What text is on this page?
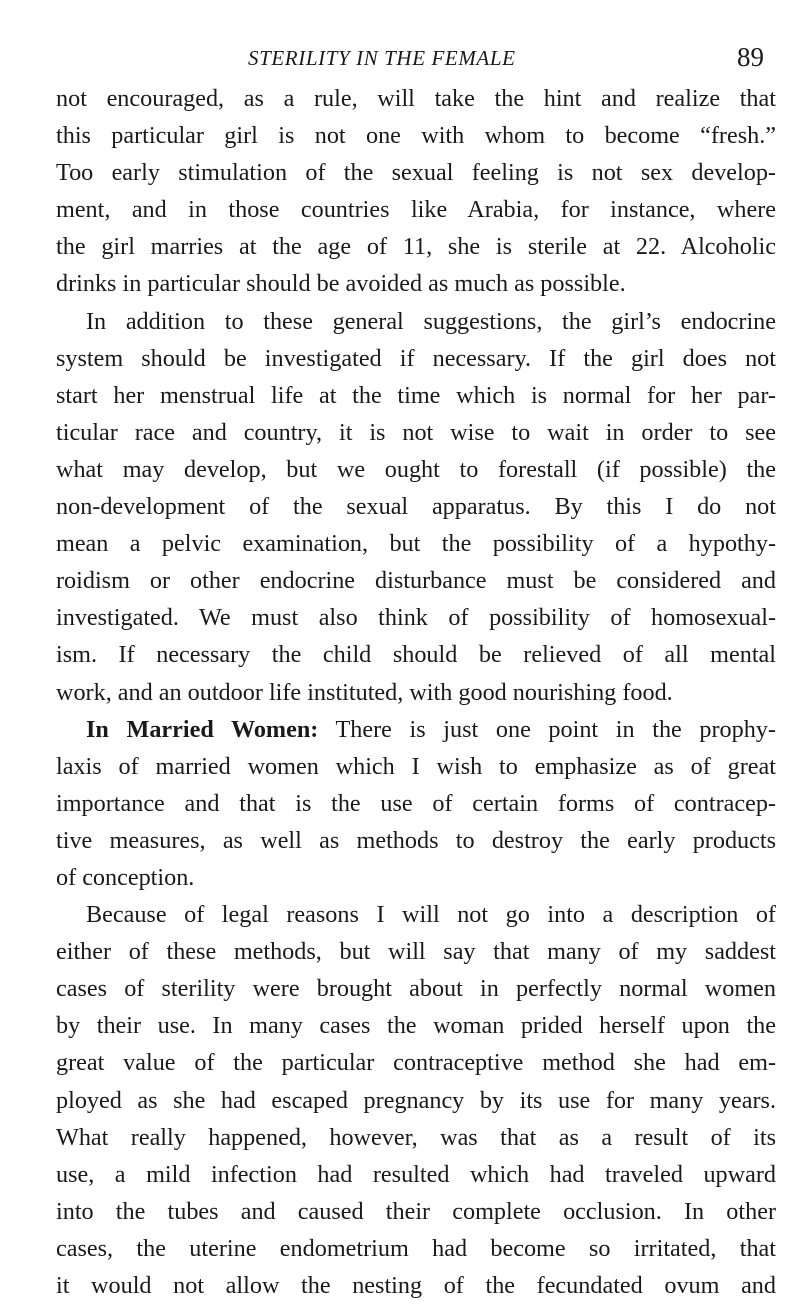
STERILITY IN THE FEMALE	89
not encouraged, as a rule, will take the hint and realize that
this particular girl is not one with whom to become “fresh.”
Too early stimulation of the sexual feeling is not sex develop-
ment, and in those countries like Arabia, for instance, where
the girl marries at the age of 11, she is sterile at 22. Alcoholic
drinks in particular should be avoided as much as possible.
In addition to these general suggestions, the girl’s endocrine
system should be investigated if necessary. If the girl does not
start her menstrual life at the time which is normal for her par-
ticular race and country, it is not wise to wait in order to see
what may develop, but we ought to forestall (if possible) the
non-development of the sexual apparatus. By this I do not
mean a pelvic examination, but the possibility of a hypothy-
roidism or other endocrine disturbance must be considered and
investigated. We must also think of possibility of homosexual-
ism. If necessary the child should be relieved of all mental
work, and an outdoor life instituted, with good nourishing food.
In Married Women: There is just one point in the prophy-
laxis of married women which I wish to emphasize as of great
importance and that is the use of certain forms of contracep-
tive measures, as well as methods to destroy the early products
of conception.
Because of legal reasons I will not go into a description of
either of these methods, but will say that many of my saddest
cases of sterility were brought about in perfectly normal women
by their use. In many cases the woman prided herself upon the
great value of the particular contraceptive method she had em-
ployed as she had escaped pregnancy by its use for many years.
What really happened, however, was that as a result of its
use, a mild infection had resulted which had traveled upward
into the tubes and caused their complete occlusion. In other
cases, the uterine endometrium had become so irritated, that
it would not allow the nesting of the fecundated ovum and
